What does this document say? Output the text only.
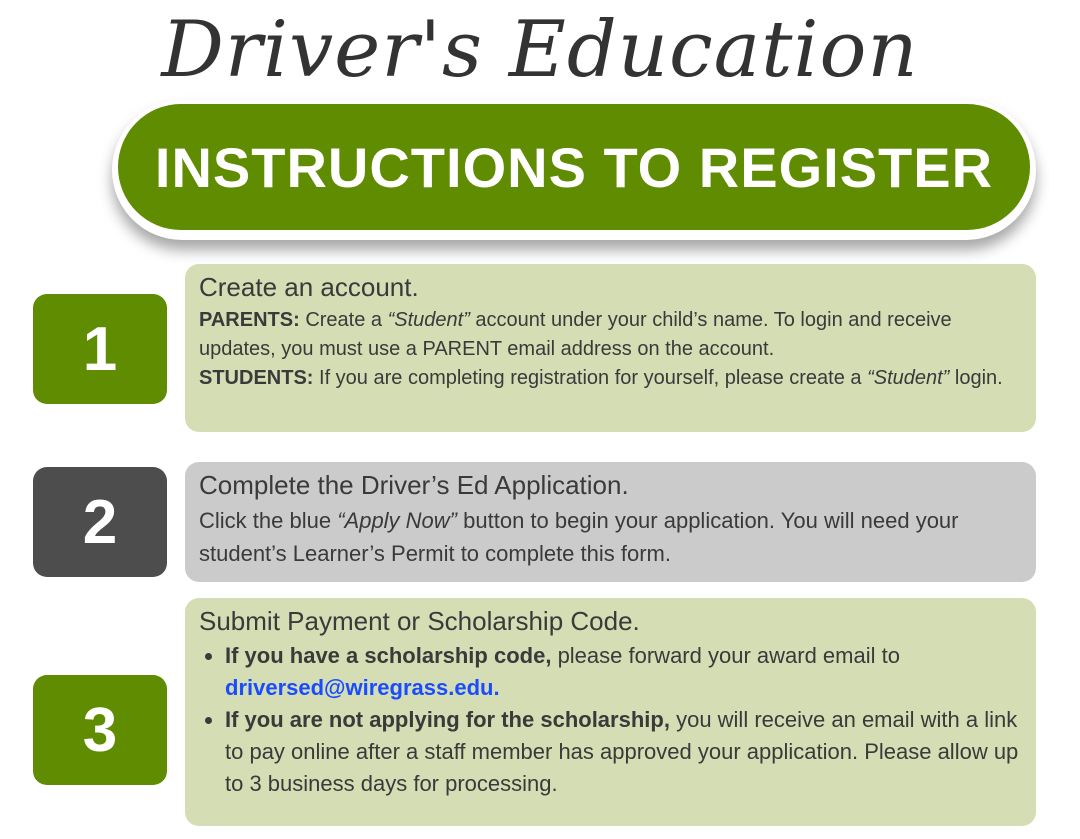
Driver's Education
INSTRUCTIONS TO REGISTER
1
Create an account.
PARENTS: Create a “Student” account under your child’s name. To login and receive updates, you must use a PARENT email address on the account.
STUDENTS: If you are completing registration for yourself, please create a “Student” login.
2
Complete the Driver’s Ed Application.
Click the blue “Apply Now” button to begin your application. You will need your student’s Learner’s Permit to complete this form.
3
Submit Payment or Scholarship Code.
• If you have a scholarship code, please forward your award email to driversed@wiregrass.edu.
• If you are not applying for the scholarship, you will receive an email with a link to pay online after a staff member has approved your application. Please allow up to 3 business days for processing.
